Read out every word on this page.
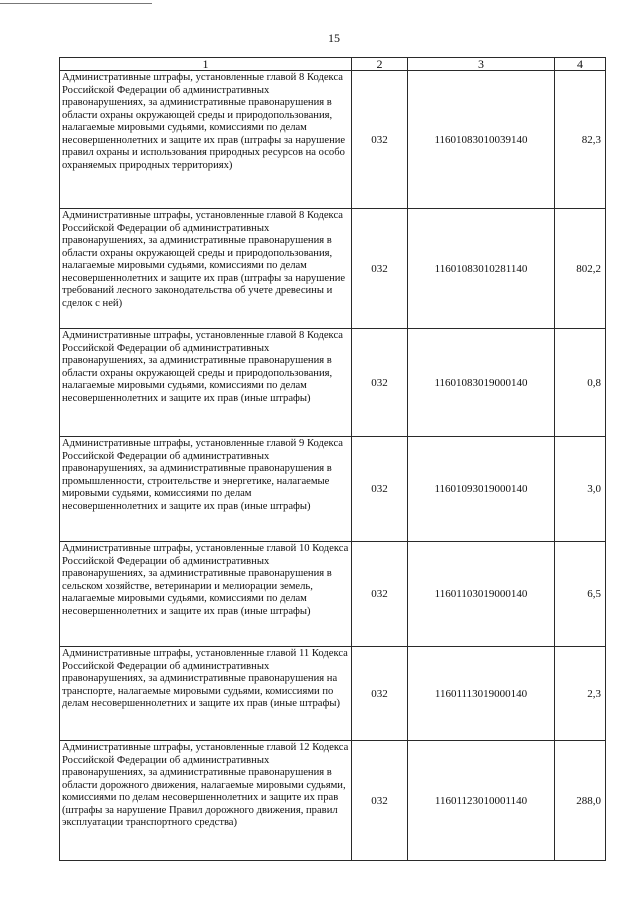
15
1	2	3	4

Административные штрафы, установленные главой 8 Кодекса Российской Федерации об административных правонарушениях, за административные правонарушения в области охраны окружающей среды и природопользования, налагаемые мировыми судьями, комиссиями по делам несовершеннолетних и защите их прав (штрафы за нарушение правил охраны и использования природных ресурсов на особо охраняемых природных территориях)	032	11601083010039140	82,3

Административные штрафы, установленные главой 8 Кодекса Российской Федерации об административных правонарушениях, за административные правонарушения в области охраны окружающей среды и природопользования, налагаемые мировыми судьями, комиссиями по делам несовершеннолетних и защите их прав (штрафы за нарушение требований лесного законодательства об учете древесины и сделок с ней)	032	11601083010281140	802,2

Административные штрафы, установленные главой 8 Кодекса Российской Федерации об административных правонарушениях, за административные правонарушения в области охраны окружающей среды и природопользования, налагаемые мировыми судьями, комиссиями по делам несовершеннолетних и защите их прав (иные штрафы)	032	11601083019000140	0,8

Административные штрафы, установленные главой 9 Кодекса Российской Федерации об административных правонарушениях, за административные правонарушения в промышленности, строительстве и энергетике, налагаемые мировыми судьями, комиссиями по делам несовершеннолетних и защите их прав (иные штрафы)	032	11601093019000140	3,0

Административные штрафы, установленные главой 10 Кодекса Российской Федерации об административных правонарушениях, за административные правонарушения в сельском хозяйстве, ветеринарии и мелиорации земель, налагаемые мировыми судьями, комиссиями по делам несовершеннолетних и защите их прав (иные штрафы)	032	11601103019000140	6,5

Административные штрафы, установленные главой 11 Кодекса Российской Федерации об административных правонарушениях, за административные правонарушения на транспорте, налагаемые мировыми судьями, комиссиями по делам несовершеннолетних и защите их прав (иные штрафы)	032	11601113019000140	2,3

Административные штрафы, установленные главой 12 Кодекса Российской Федерации об административных правонарушениях, за административные правонарушения в области дорожного движения, налагаемые мировыми судьями, комиссиями по делам несовершеннолетних и защите их прав (штрафы за нарушение Правил дорожного движения, правил эксплуатации транспортного средства)	032	11601123010001140	288,0
